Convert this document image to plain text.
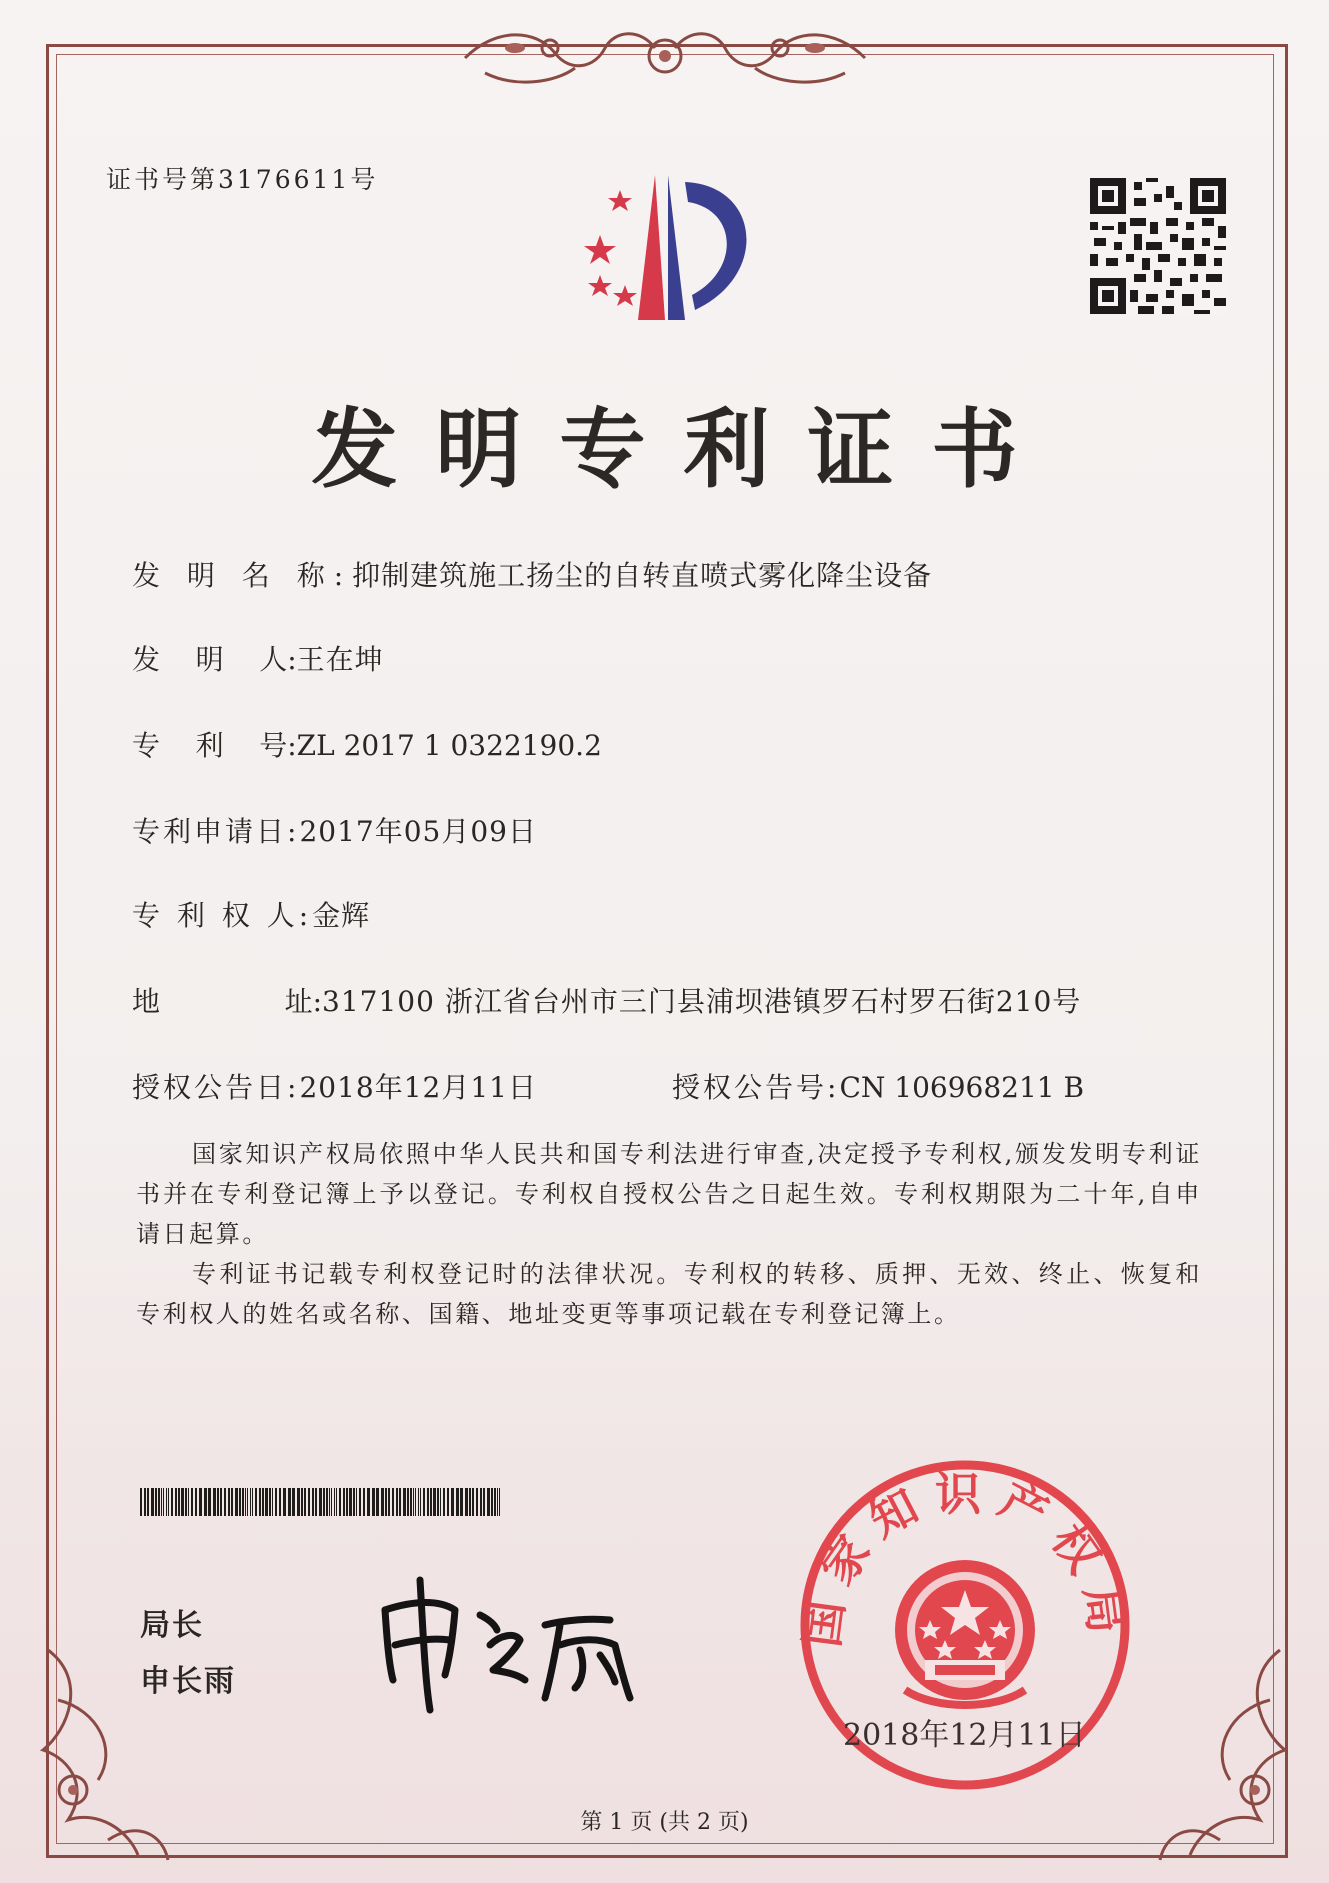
证书号第3176611号
发明专利证书
发 明 名 称:抑制建筑施工扬尘的自转直喷式雾化降尘设备
发    明    人:王在坤
专    利    号:ZL 2017 1 0322190.2
专利申请日:2017年05月09日
专 利 权 人:金辉
地              址:317100 浙江省台州市三门县浦坝港镇罗石村罗石街210号
授权公告日:2018年12月11日	授权公告号:CN 106968211 B

国家知识产权局依照中华人民共和国专利法进行审查,决定授予专利权,颁发发明专利证书并在专利登记簿上予以登记。专利权自授权公告之日起生效。专利权期限为二十年,自申请日起算。

专利证书记载专利权登记时的法律状况。专利权的转移、质押、无效、终止、恢复和专利权人的姓名或名称、国籍、地址变更等事项记载在专利登记簿上。

局长
申长雨
国家知识产权局
2018年12月11日
第 1 页 (共 2 页)
